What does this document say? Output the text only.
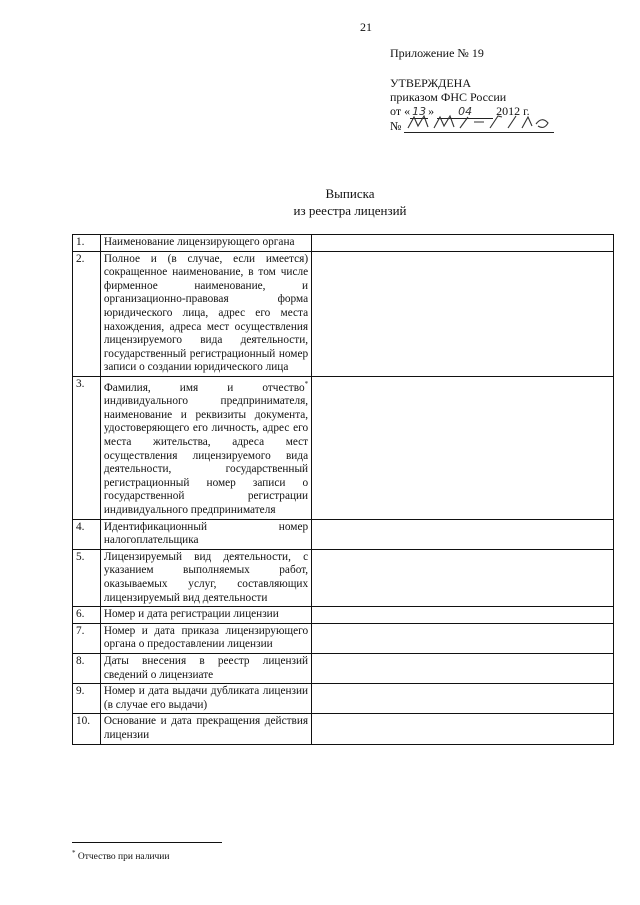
21
Приложение № 19
УТВЕРЖДЕНА
приказом ФНС России
от « 13 » 04 2012 г.
№
Выписка
из реестра лицензий
1.	Наименование лицензирующего органа	
2.	Полное и (в случае, если имеется) сокращенное наименование, в том числе фирменное наименование, и организационно-правовая форма юридического лица, адрес его места нахождения, адреса мест осуществления лицензируемого вида деятельности, государственный регистрационный номер записи о создании юридического лица	
3.	Фамилия, имя и отчество* индивидуального предпринимателя, наименование и реквизиты документа, удостоверяющего его личность, адрес его места жительства, адреса мест осуществления лицензируемого вида деятельности, государственный регистрационный номер записи о государственной регистрации индивидуального предпринимателя	
4.	Идентификационный номер налогоплательщика	
5.	Лицензируемый вид деятельности, с указанием выполняемых работ, оказываемых услуг, составляющих лицензируемый вид деятельности	
6.	Номер и дата регистрации лицензии	
7.	Номер и дата приказа лицензирующего органа о предоставлении лицензии	
8.	Даты внесения в реестр лицензий сведений о лицензиате	
9.	Номер и дата выдачи дубликата лицензии (в случае его выдачи)	
10.	Основание и дата прекращения действия лицензии	
* Отчество при наличии
